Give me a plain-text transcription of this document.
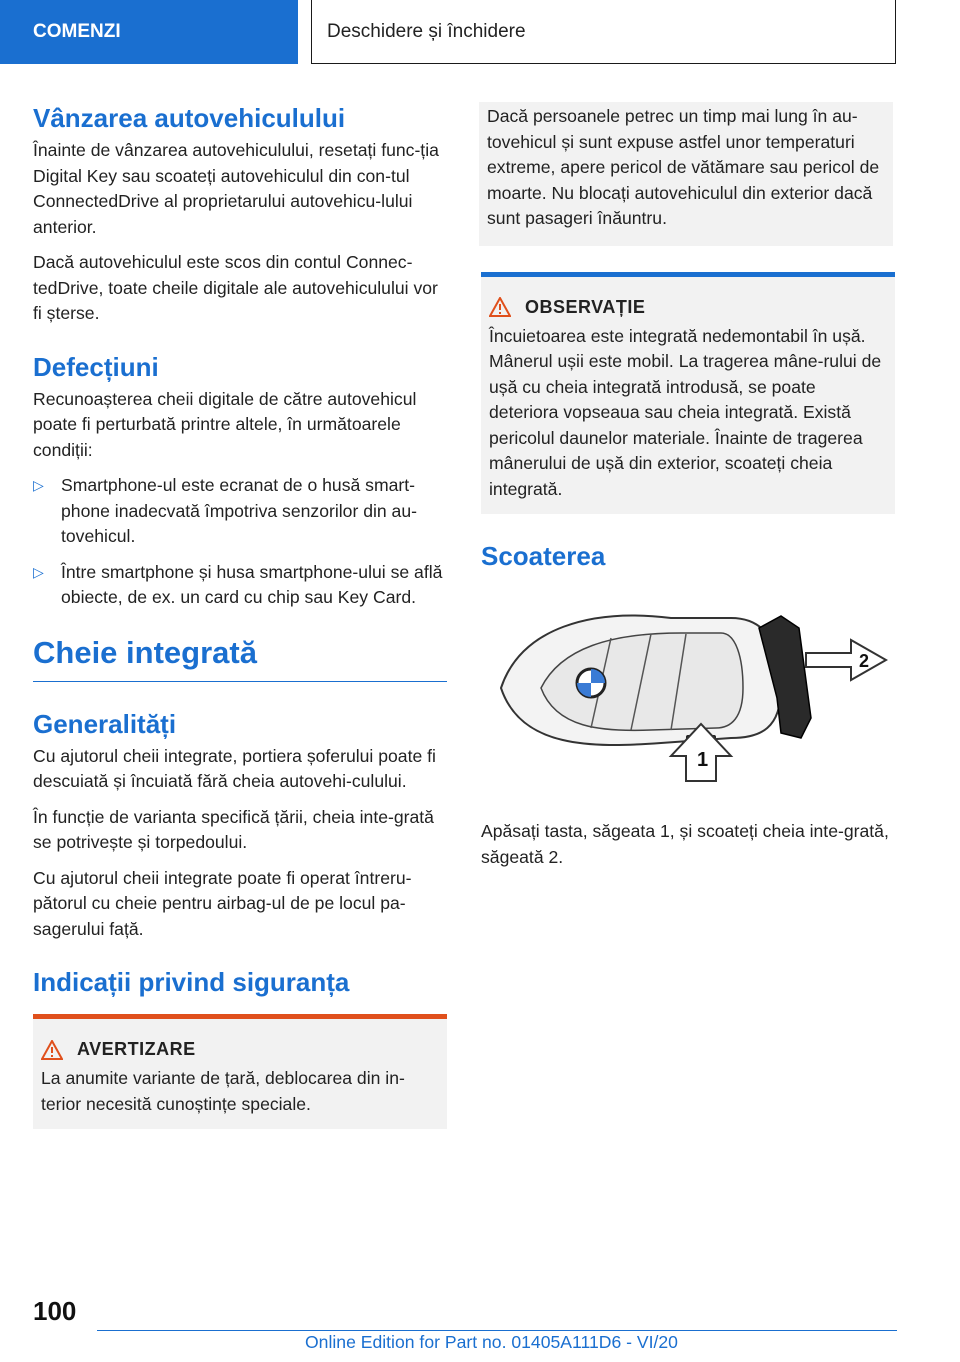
COMENZI	Deschidere și închidere
Vânzarea autovehiculului

Înainte de vânzarea autovehiculului, resetați func-ția Digital Key sau scoateți autovehiculul din con-tul ConnectedDrive al proprietarului autovehicu-lului anterior.

Dacă autovehiculul este scos din contul Connec-tedDrive, toate cheile digitale ale autovehiculului vor fi șterse.

Defecțiuni

Recunoașterea cheii digitale de către autovehicul poate fi perturbată printre altele, în următoarele condiții:

▷ Smartphone-ul este ecranat de o husă smart-phone inadecvată împotriva senzorilor din au-tovehicul.
▷ Între smartphone și husa smartphone-ului se află obiecte, de ex. un card cu chip sau Key Card.
Cheie integrată
Generalități

Cu ajutorul cheii integrate, portiera șoferului poate fi descuiată și încuiată fără cheia autovehi-culului.

În funcție de varianta specifică țării, cheia inte-grată se potrivește și torpedoului.

Cu ajutorul cheii integrate poate fi operat întreru-pătorul cu cheie pentru airbag-ul de pe locul pa-sagerului față.

Indicații privind siguranța
AVERTIZARE

La anumite variante de țară, deblocarea din in-terior necesită cunoștințe speciale.

Dacă persoanele petrec un timp mai lung în au-tovehicul și sunt expuse astfel unor temperaturi extreme, apere pericol de vătămare sau pericol de moarte. Nu blocați autovehiculul din exterior dacă sunt pasageri înăuntru.

OBSERVAȚIE

Încuietoarea este integrată nedemontabil în ușă. Mânerul ușii este mobil. La tragerea mâne-rului de ușă cu cheia integrată introdusă, se poate deteriora vopseaua sau cheia integrată. Există pericolul daunelor materiale. Înainte de tragerea mânerului de ușă din exterior, scoateți cheia integrată.

Scoaterea
1
2

Apăsați tasta, săgeata 1, și scoateți cheia inte-grată, săgeată 2.

100
Online Edition for Part no. 01405A111D6 - VI/20
